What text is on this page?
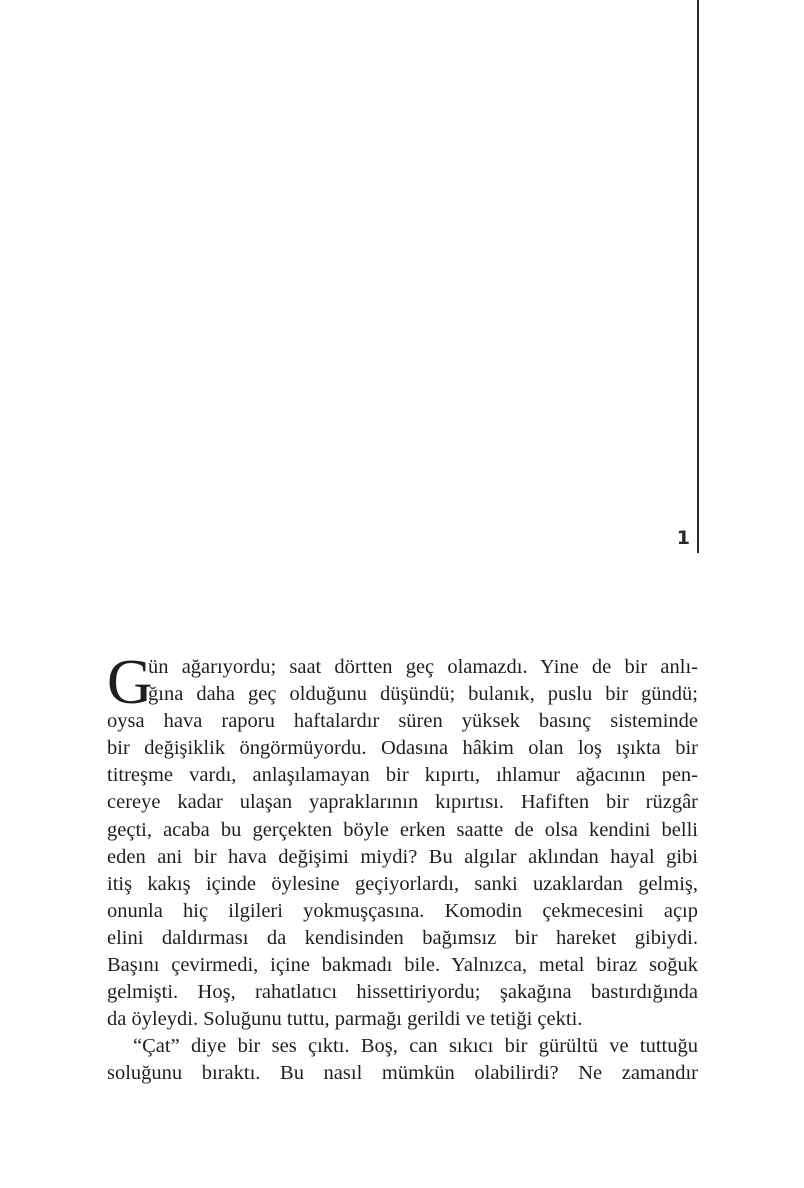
1
G
ün ağarıyordu; saat dörtten geç olamazdı. Yine de bir anlı-
ğına daha geç olduğunu düşündü; bulanık, puslu bir gündü;
oysa hava raporu haftalardır süren yüksek basınç sisteminde
bir değişiklik öngörmüyordu. Odasına hâkim olan loş ışıkta bir
titreşme vardı, anlaşılamayan bir kıpırtı, ıhlamur ağacının pen-
cereye kadar ulaşan yapraklarının kıpırtısı. Hafiften bir rüzgâr
geçti, acaba bu gerçekten böyle erken saatte de olsa kendini belli
eden ani bir hava değişimi miydi? Bu algılar aklından hayal gibi
itiş kakış içinde öylesine geçiyorlardı, sanki uzaklardan gelmiş,
onunla hiç ilgileri yokmuşçasına. Komodin çekmecesini açıp
elini daldırması da kendisinden bağımsız bir hareket gibiydi.
Başını çevirmedi, içine bakmadı bile. Yalnızca, metal biraz soğuk
gelmişti. Hoş, rahatlatıcı hissettiriyordu; şakağına bastırdığında
da öyleydi. Soluğunu tuttu, parmağı gerildi ve tetiği çekti.
“Çat” diye bir ses çıktı. Boş, can sıkıcı bir gürültü ve tuttuğu
soluğunu bıraktı. Bu nasıl mümkün olabilirdi? Ne zamandır
